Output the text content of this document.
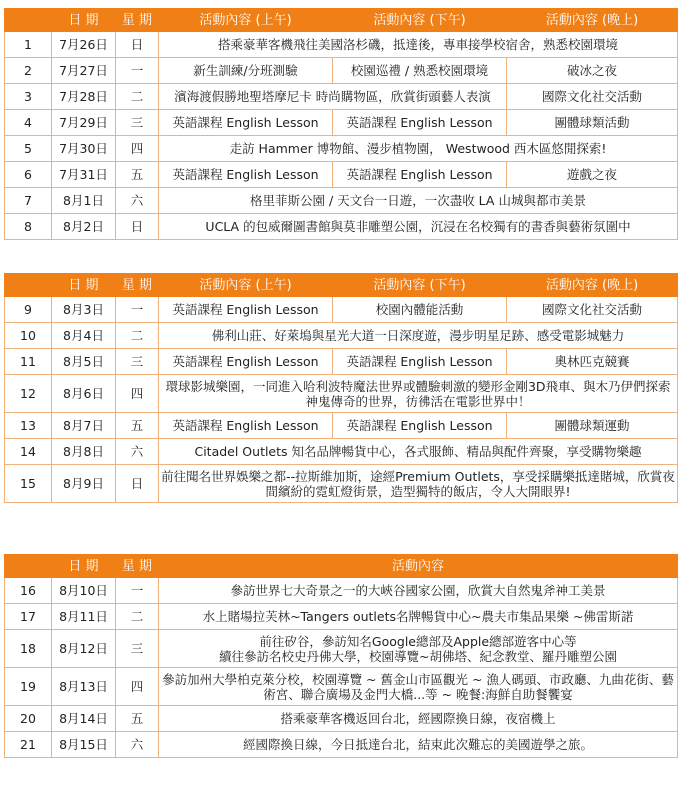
	日 期	星 期	活動內容 (上午)	活動內容 (下午)	活動內容 (晚上)
1	7月26日	日	搭乘豪華客機飛往美國洛杉磯，抵達後，專車接學校宿舍，熟悉校園環境		
2	7月27日	一	新生訓練/分班測驗	校園巡禮 / 熟悉校園環境	破冰之夜
3	7月28日	二	濱海渡假勝地聖塔摩尼卡 時尚購物區，欣賞街頭藝人表演		國際文化社交活動
4	7月29日	三	英語課程 English Lesson	英語課程 English Lesson	團體球類活動
5	7月30日	四	走訪 Hammer 博物館、漫步植物園， Westwood 西木區悠閒探索!		
6	7月31日	五	英語課程 English Lesson	英語課程 English Lesson	遊戲之夜
7	8月1日	六	格里菲斯公園 / 天文台一日遊，一次盡收 LA 山城與都市美景		
8	8月2日	日	UCLA 的包威爾圖書館與莫非雕塑公園，沉浸在名校獨有的書香與藝術氛圍中		
	日 期	星 期	活動內容 (上午)	活動內容 (下午)	活動內容 (晚上)
9	8月3日	一	英語課程 English Lesson	校園內體能活動	國際文化社交活動
10	8月4日	二	佛利山莊、好萊塢與星光大道一日深度遊，漫步明星足跡、感受電影城魅力		
11	8月5日	三	英語課程 English Lesson	英語課程 English Lesson	奧林匹克競賽
12	8月6日	四	環球影城樂園，一同進入哈利波特魔法世界或體驗刺激的變形金剛3D飛車、與木乃伊們探索神鬼傳奇的世界，彷彿活在電影世界中！		
13	8月7日	五	英語課程 English Lesson	英語課程 English Lesson	團體球類運動
14	8月8日	六	Citadel Outlets 知名品牌暢貨中心，各式服飾、精品與配件齊聚，享受購物樂趣		
15	8月9日	日	前往聞名世界娛樂之都--拉斯維加斯，途經Premium Outlets，享受採購樂抵達賭城，欣賞夜間繽紛的霓虹燈街景，造型獨特的飯店，令人大開眼界!		
	日 期	星 期	活動內容
16	8月10日	一	參訪世界七大奇景之一的大峽谷國家公園，欣賞大自然鬼斧神工美景
17	8月11日	二	水上賭場拉芙林~Tangers outlets名牌暢貨中心~農夫市集品果樂 ~佛雷斯諾
18	8月12日	三	前往矽谷，參訪知名Google總部及Apple總部遊客中心等
續往參訪名校史丹佛大學，校園導覽~胡佛塔、紀念教堂、羅丹雕塑公園
19	8月13日	四	參訪加州大學柏克萊分校，校園導覽 ~ 舊金山市區觀光 ~ 漁人碼頭、市政廳、九曲花街、藝術宮、聯合廣場及金門大橋...等 ~ 晚餐:海鮮自助餐饗宴
20	8月14日	五	搭乘豪華客機返回台北，經國際換日線，夜宿機上
21	8月15日	六	經國際換日線，今日抵達台北，結束此次難忘的美國遊學之旅。
